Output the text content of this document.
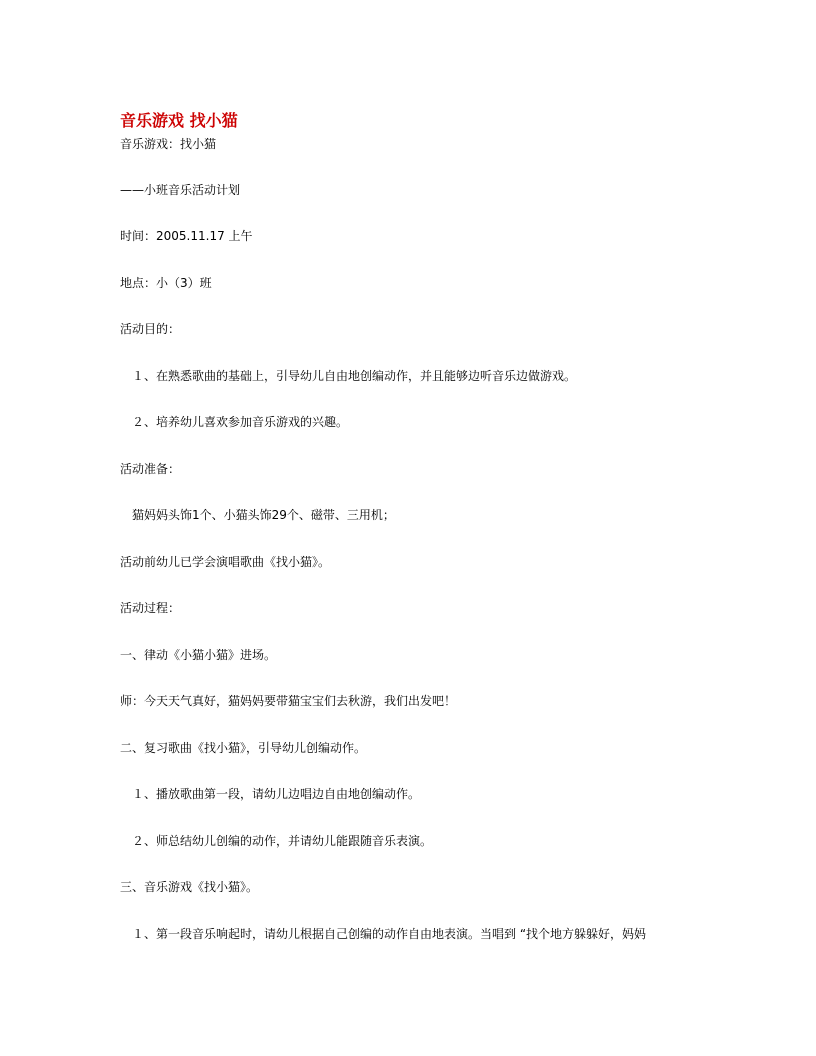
音乐游戏 找小猫

音乐游戏：找小猫

——小班音乐活动计划

时间：2005.11.17 上午

地点：小（3）班

活动目的：

　１、在熟悉歌曲的基础上，引导幼儿自由地创编动作，并且能够边听音乐边做游戏。

　２、培养幼儿喜欢参加音乐游戏的兴趣。

活动准备：

　猫妈妈头饰1个、小猫头饰29个、磁带、三用机；

活动前幼儿已学会演唱歌曲《找小猫》。

活动过程：

一、律动《小猫小猫》进场。

师：今天天气真好，猫妈妈要带猫宝宝们去秋游，我们出发吧！

二、复习歌曲《找小猫》，引导幼儿创编动作。

　１、播放歌曲第一段，请幼儿边唱边自由地创编动作。

　２、师总结幼儿创编的动作，并请幼儿能跟随音乐表演。

三、音乐游戏《找小猫》。

　１、第一段音乐响起时，请幼儿根据自己创编的动作自由地表演。当唱到 “找个地方躲躲好，妈妈
